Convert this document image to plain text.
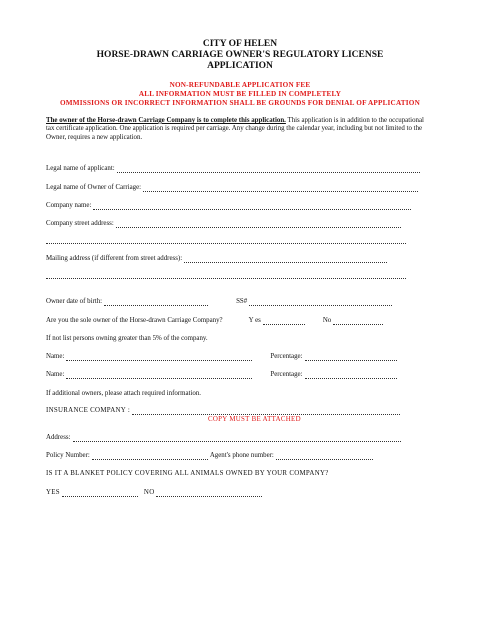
CITY OF HELEN
HORSE-DRAWN CARRIAGE OWNER'S REGULATORY LICENSE
APPLICATION
NON-REFUNDABLE APPLICATION FEE
ALL INFORMATION MUST BE FILLED IN COMPLETELY
OMMISSIONS OR INCORRECT INFORMATION SHALL BE GROUNDS FOR DENIAL OF APPLICATION
The owner of the Horse-drawn Carriage Company is to complete this application. This application is in addition to the occupational tax certificate application. One application is required per carriage. Any change during the calendar year, including but not limited to the Owner, requires a new application.
Legal name of applicant:
Legal name of Owner of Carriage:
Company name:
Company street address:
Mailing address (if different from street address):
Owner date of birth:	SS#
Are you the sole owner of the Horse-drawn Carriage Company?	Y es	No
If not list persons owning greater than 5% of the company.
Name:	Percentage:
Name:	Percentage:
If additional owners, please attach required information.
INSURANCE COMPANY :
COPY MUST BE ATTACHED
Address:
Policy Number:	Agent's phone number:
IS IT A BLANKET POLICY COVERING ALL ANIMALS OWNED BY YOUR COMPANY?
YES	NO
